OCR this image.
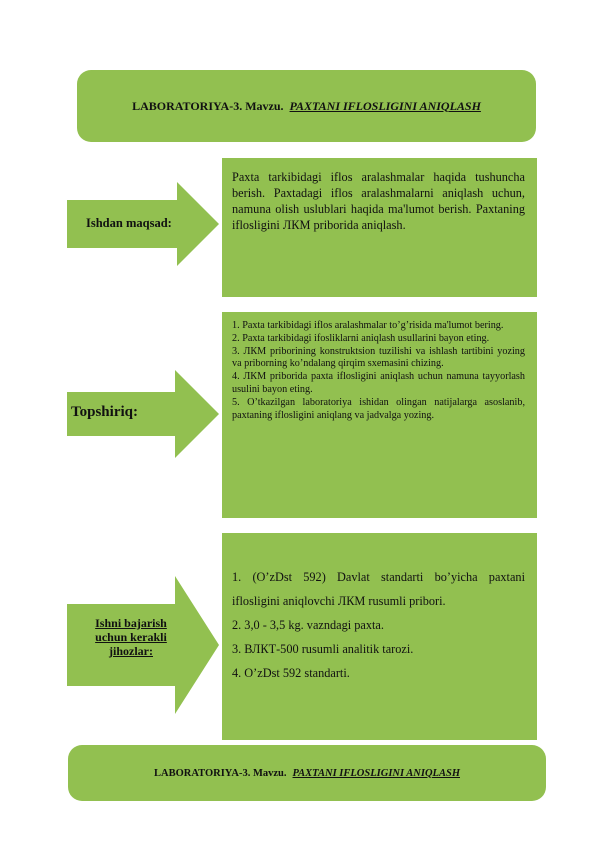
LABORATORIYA-3. Mavzu. PAXTANI IFLOSLIGINI ANIQLASH
Ishdan maqsad:

Paxta tarkibidagi iflos aralashmalar haqida tushuncha berish. Paxtadagi iflos aralashmalarni aniqlash uchun, namuna olish uslublari haqida ma'lumot berish. Paxtaning iflosligini ЛКМ priborida aniqlash.

Topshiriq:

1. Paxta tarkibidagi iflos aralashmalar to’g’risida ma'lumot bering.

2. Paxta tarkibidagi ifosliklarni aniqlash usullarini bayon eting.

3. ЛКМ priborining konstruktsion tuzilishi va ishlash tartibini yozing va priborning ko’ndalang qirqim sxemasini chizing.

4. ЛКМ priborida paxta iflosligini aniqlash uchun namuna tayyorlash usulini bayon eting.

5. O’tkazilgan laboratoriya ishidan olingan natijalarga asoslanib, paxtaning iflosligini aniqlang va jadvalga yozing.

Ishni bajarish
uchun kerakli
jihozlar:

1. (O’zDst 592) Davlat standarti bo’yicha paxtani iflosligini aniqlovchi ЛКМ rusumli pribori.

2. 3,0 - 3,5 kg. vazndagi paxta.

3. ВЛКТ-500 rusumli analitik tarozi.

4. O’zDst 592 standarti.

LABORATORIYA-3. Mavzu. PAXTANI IFLOSLIGINI ANIQLASH
